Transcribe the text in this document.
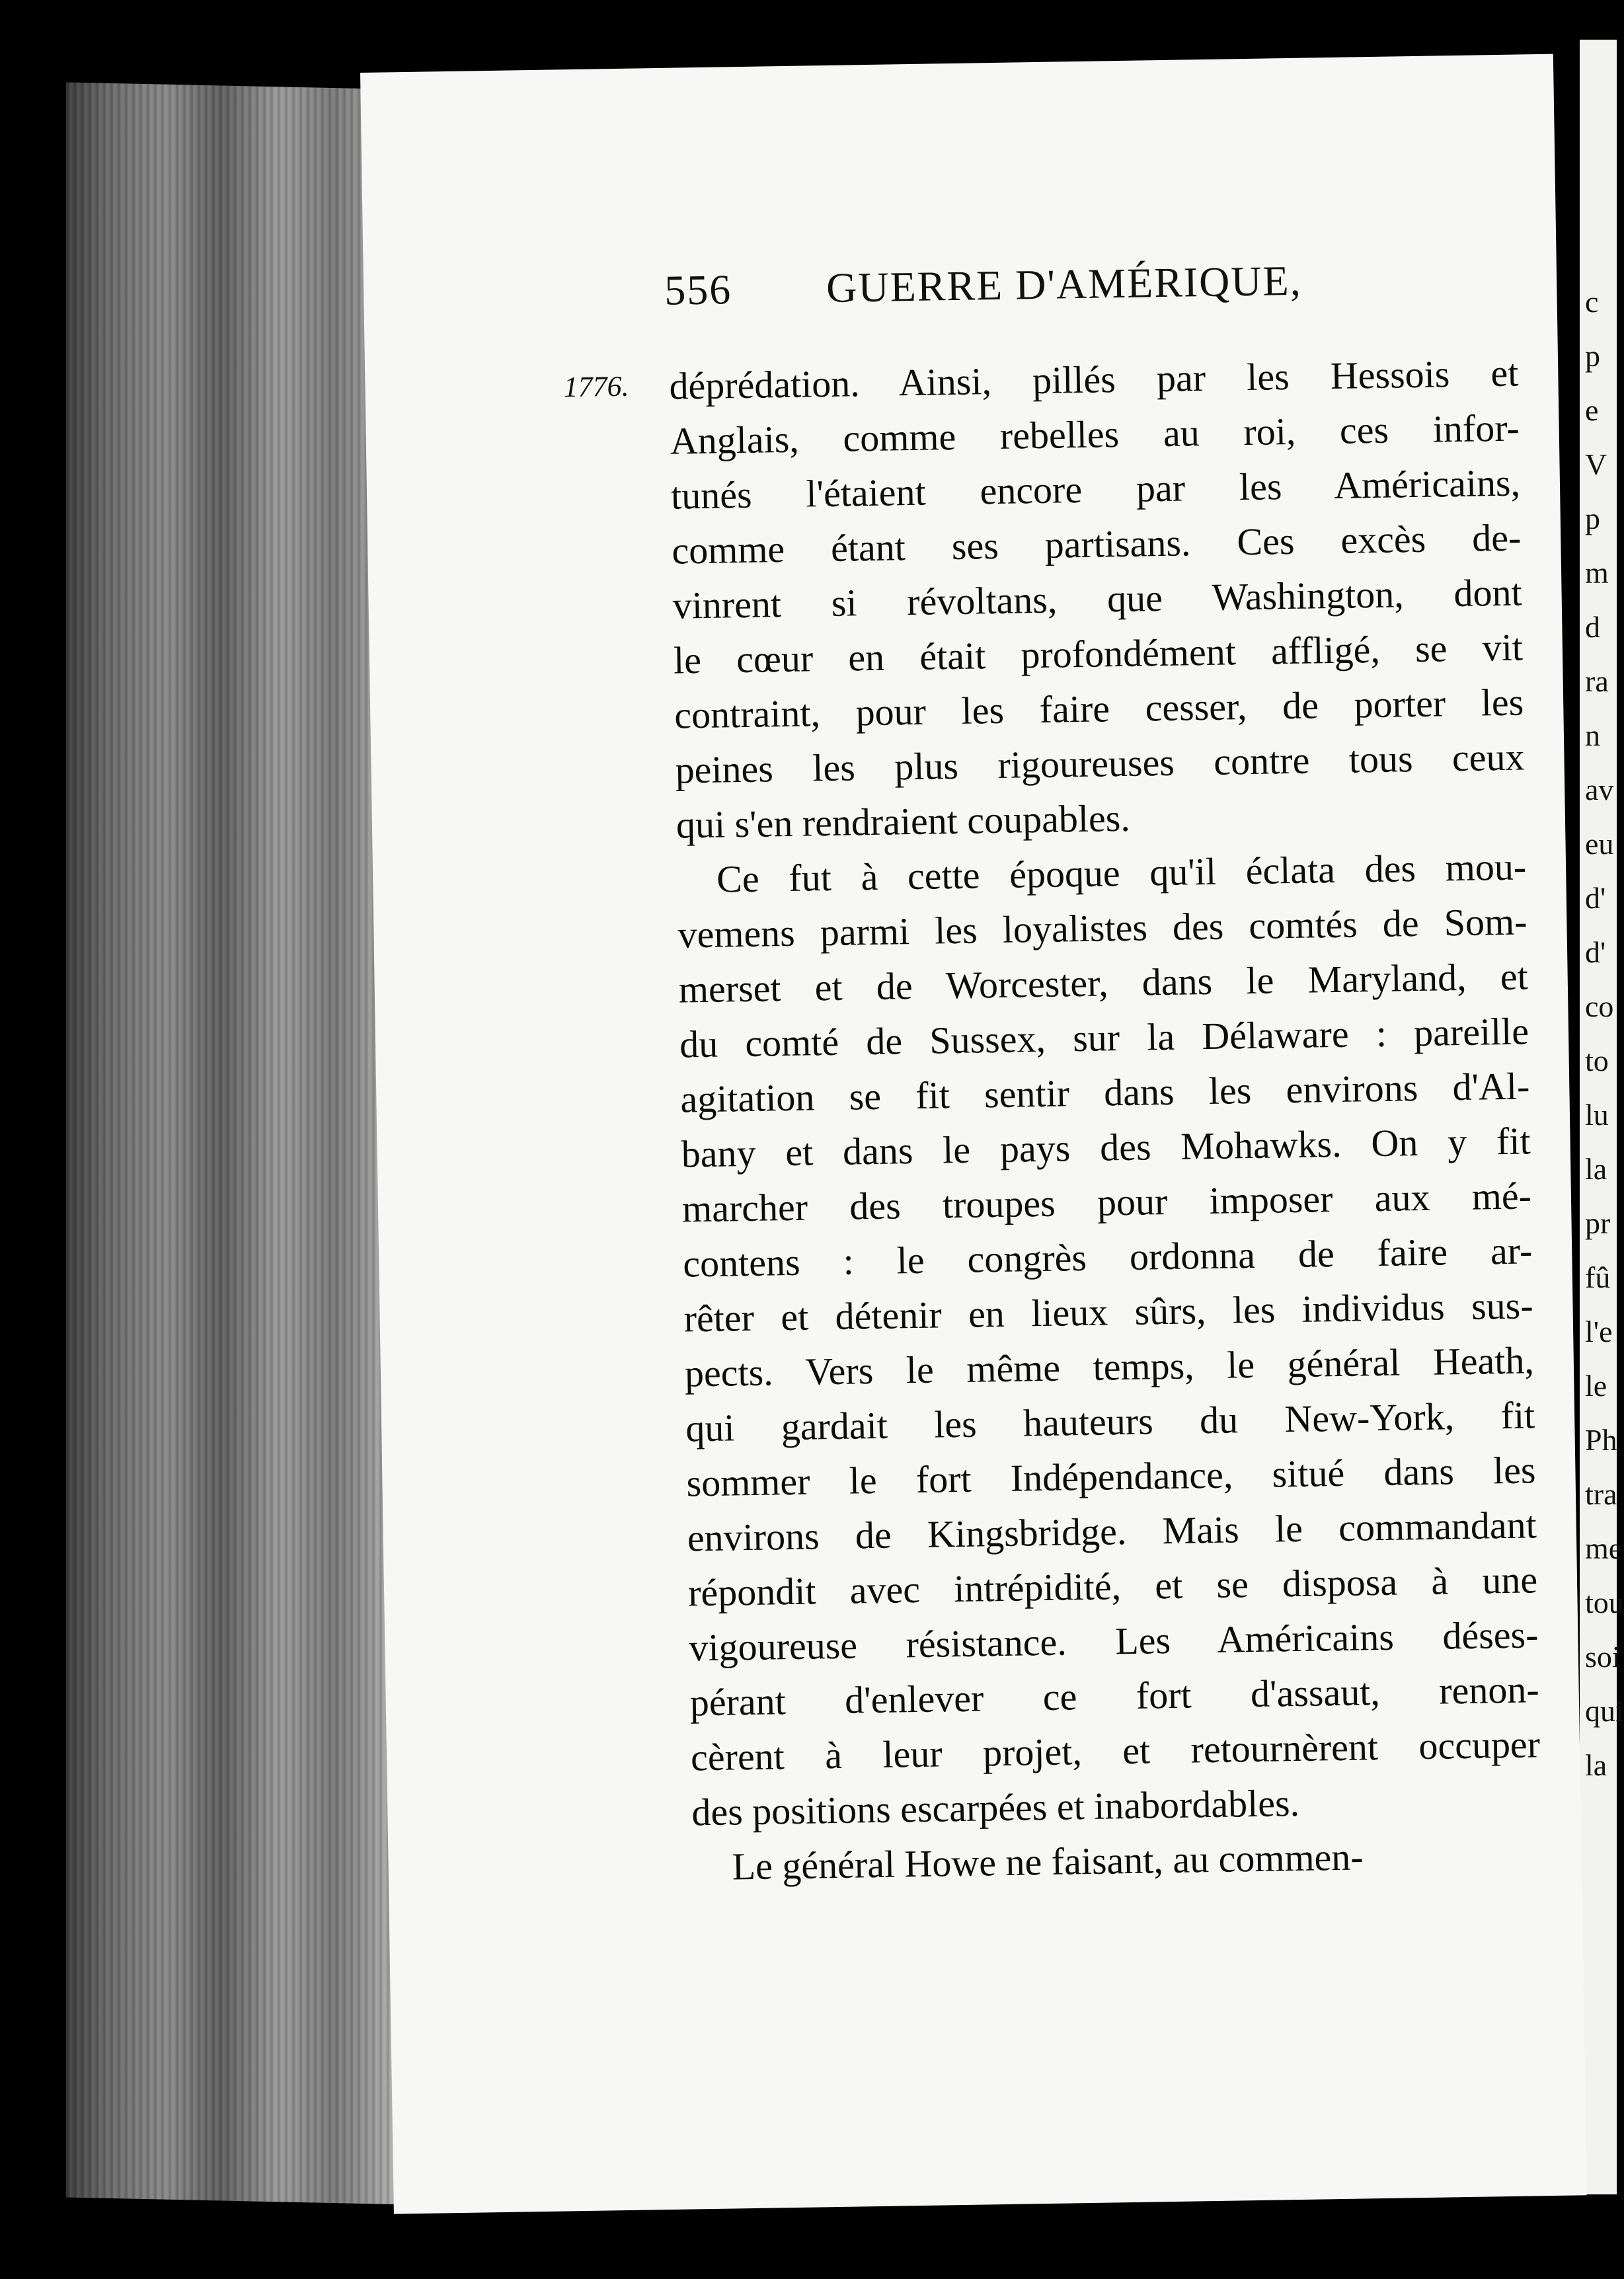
c
p
e
V
p
m
d
ra
n
av
eu
d'
d'
co
to
lu
la
pr
fû
l'e
le
Ph
tra
me
tou
soi
qui
la
556	GUERRE D'AMÉRIQUE,
1776. déprédation. Ainsi, pillés par les Hessois et
Anglais, comme rebelles au roi, ces infor-
tunés l'étaient encore par les Américains,
comme étant ses partisans. Ces excès de-
vinrent si révoltans, que Washington, dont
le cœur en était profondément affligé, se vit
contraint, pour les faire cesser, de porter les
peines les plus rigoureuses contre tous ceux
qui s'en rendraient coupables.
Ce fut à cette époque qu'il éclata des mou-
vemens parmi les loyalistes des comtés de Som-
merset et de Worcester, dans le Maryland, et
du comté de Sussex, sur la Délaware : pareille
agitation se fit sentir dans les environs d'Al-
bany et dans le pays des Mohawks. On y fit
marcher des troupes pour imposer aux mé-
contens : le congrès ordonna de faire ar-
rêter et détenir en lieux sûrs, les individus sus-
pects. Vers le même temps, le général Heath,
qui gardait les hauteurs du New-York, fit
sommer le fort Indépendance, situé dans les
environs de Kingsbridge. Mais le commandant
répondit avec intrépidité, et se disposa à une
vigoureuse résistance. Les Américains déses-
pérant d'enlever ce fort d'assaut, renon-
cèrent à leur projet, et retournèrent occuper
des positions escarpées et inabordables.
Le général Howe ne faisant, au commen-
